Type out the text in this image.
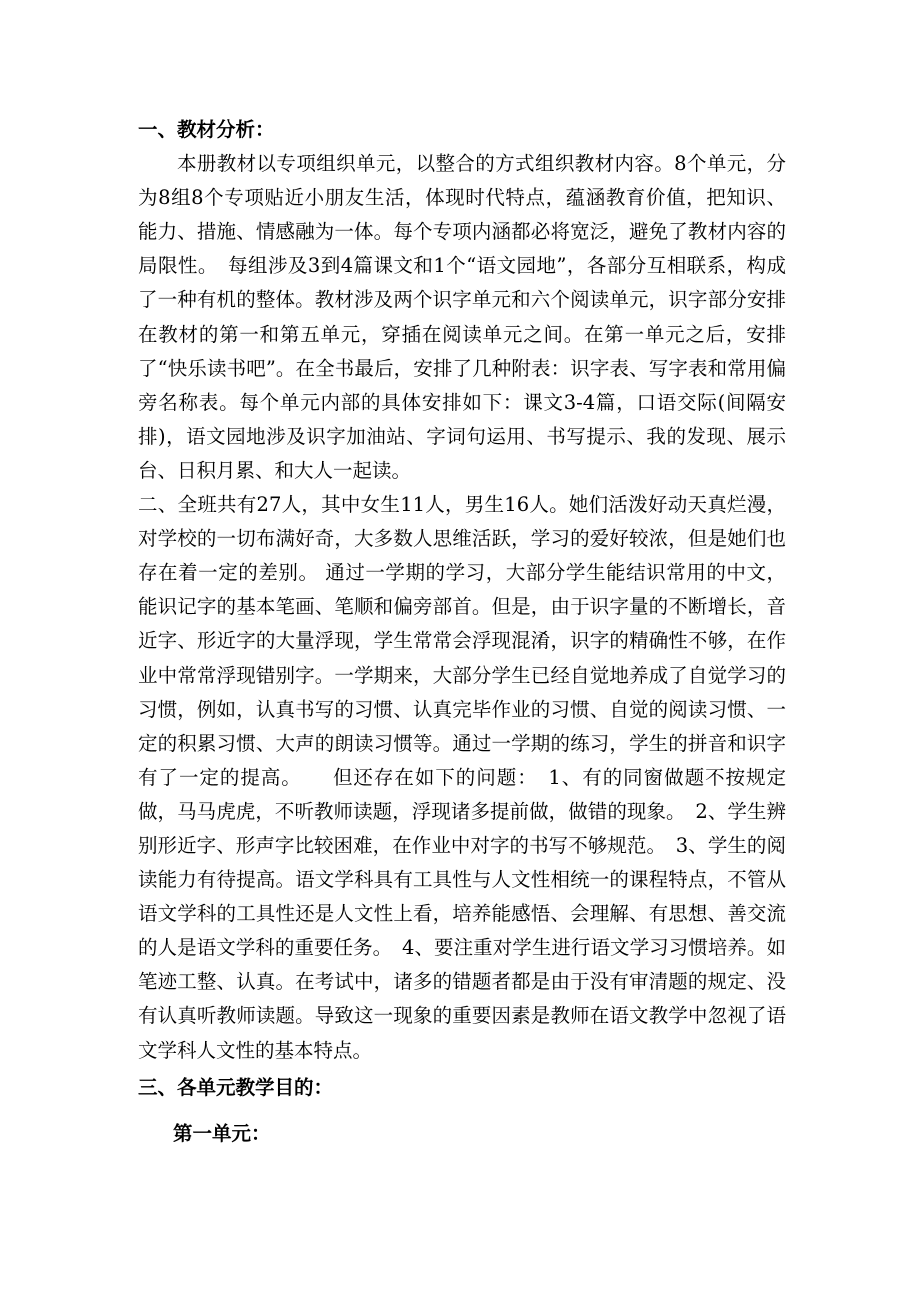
一、教材分析：

本册教材以专项组织单元，以整合的方式组织教材内容。8个单元，分为8组8个专项贴近小朋友生活，体现时代特点，蕴涵教育价值，把知识、能力、措施、情感融为一体。每个专项内涵都必将宽泛，避免了教材内容的局限性。　每组涉及3到4篇课文和1个“语文园地”，各部分互相联系，构成了一种有机的整体。教材涉及两个识字单元和六个阅读单元，识字部分安排在教材的第一和第五单元，穿插在阅读单元之间。在第一单元之后，安排了“快乐读书吧”。在全书最后，安排了几种附表：识字表、写字表和常用偏旁名称表。每个单元内部的具体安排如下：课文3-4篇，口语交际(间隔安排)，语文园地涉及识字加油站、字词句运用、书写提示、我的发现、展示台、日积月累、和大人一起读。

二、全班共有27人，其中女生11人，男生16人。她们活泼好动天真烂漫，对学校的一切布满好奇，大多数人思维活跃，学习的爱好较浓，但是她们也存在着一定的差别。 通过一学期的学习，大部分学生能结识常用的中文，能识记字的基本笔画、笔顺和偏旁部首。但是，由于识字量的不断增长，音近字、形近字的大量浮现，学生常常会浮现混淆，识字的精确性不够，在作业中常常浮现错别字。一学期来，大部分学生已经自觉地养成了自觉学习的习惯，例如，认真书写的习惯、认真完毕作业的习惯、自觉的阅读习惯、一定的积累习惯、大声的朗读习惯等。通过一学期的练习，学生的拼音和识字有了一定的提高。　　但还存在如下的问题：　1、有的同窗做题不按规定做，马马虎虎，不听教师读题，浮现诸多提前做，做错的现象。　2、学生辨别形近字、形声字比较困难，在作业中对字的书写不够规范。　3、学生的阅读能力有待提高。语文学科具有工具性与人文性相统一的课程特点，不管从语文学科的工具性还是人文性上看，培养能感悟、会理解、有思想、善交流的人是语文学科的重要任务。　4、要注重对学生进行语文学习习惯培养。如笔迹工整、认真。在考试中，诸多的错题者都是由于没有审清题的规定、没有认真听教师读题。导致这一现象的重要因素是教师在语文教学中忽视了语文学科人文性的基本特点。

三、各单元教学目的：
第一单元：
